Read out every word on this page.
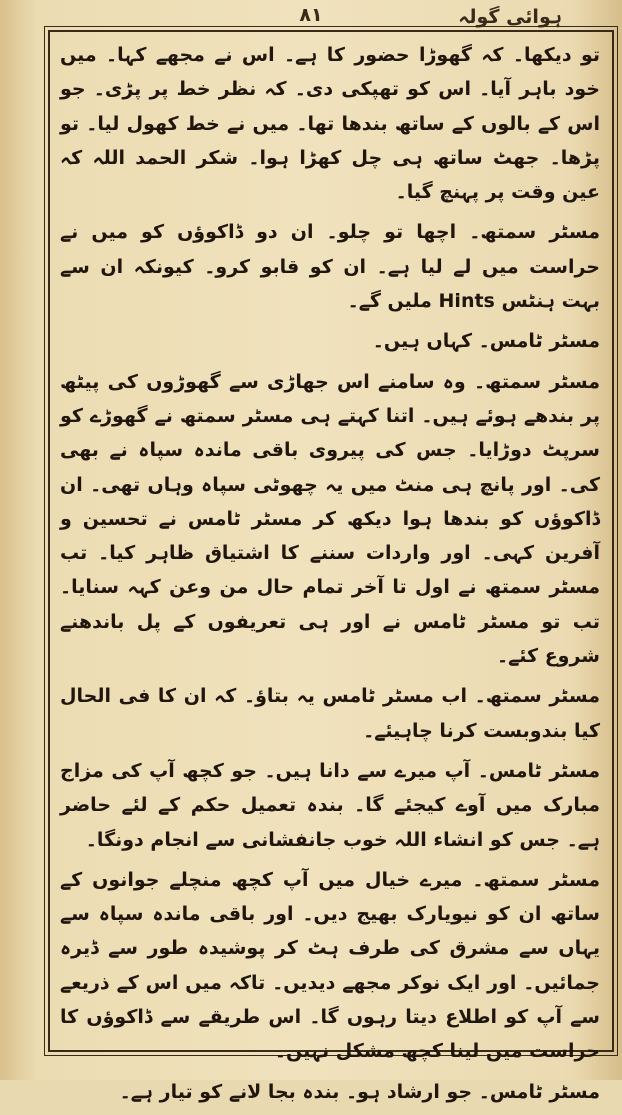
ہوائی گولہ
٨١

تو دیکھا۔ کہ گھوڑا حضور کا ہے۔ اس نے مجھے کہا۔ میں خود باہر آیا۔ اس کو تھپکی دی۔ کہ نظر خط پر پڑی۔ جو اس کے بالوں کے ساتھ بندھا تھا۔ میں نے خط کھول لیا۔ تو پڑھا۔ جھٹ ساتھ ہی چل کھڑا ہوا۔ شکر الحمد اللہ کہ عین وقت پر پہنچ گیا۔

مسٹر سمتھ۔ اچھا تو چلو۔ ان دو ڈاکوؤں کو میں نے حراست میں لے لیا ہے۔ ان کو قابو کرو۔ کیونکہ ان سے بہت ہنٹس Hints ملیں گے۔

مسٹر ٹامس۔ کہاں ہیں۔

مسٹر سمتھ۔ وہ سامنے اس جھاڑی سے گھوڑوں کی پیٹھ پر بندھے ہوئے ہیں۔ اتنا کہتے ہی مسٹر سمتھ نے گھوڑے کو سرپٹ دوڑایا۔ جس کی پیروی باقی ماندہ سپاہ نے بھی کی۔ اور پانچ ہی منٹ میں یہ چھوٹی سپاہ وہاں تھی۔ ان ڈاکوؤں کو بندھا ہوا دیکھ کر مسٹر ٹامس نے تحسین و آفرین کہی۔ اور واردات سننے کا اشتیاق ظاہر کیا۔ تب مسٹر سمتھ نے اول تا آخر تمام حال من وعن کہہ سنایا۔ تب تو مسٹر ٹامس نے اور ہی تعریفوں کے پل باندھنے شروع کئے۔

مسٹر سمتھ۔ اب مسٹر ٹامس یہ بتاؤ۔ کہ ان کا فی الحال کیا بندوبست کرنا چاہیئے۔

مسٹر ٹامس۔ آپ میرے سے دانا ہیں۔ جو کچھ آپ کی مزاج مبارک میں آوے کیجئے گا۔ بندہ تعمیل حکم کے لئے حاضر ہے۔ جس کو انشاء اللہ خوب جانفشانی سے انجام دونگا۔

مسٹر سمتھ۔ میرے خیال میں آپ کچھ منچلے جوانوں کے ساتھ ان کو نیویارک بھیج دیں۔ اور باقی ماندہ سپاہ سے یہاں سے مشرق کی طرف ہٹ کر پوشیدہ طور سے ڈیرہ جمائیں۔ اور ایک نوکر مجھے دیدیں۔ تاکہ میں اس کے ذریعے سے آپ کو اطلاع دیتا رہوں گا۔ اس طریقے سے ڈاکوؤں کا حراست میں لینا کچھ مشکل نہیں۔

مسٹر ٹامس۔ جو ارشاد ہو۔ بندہ بجا لانے کو تیار ہے۔
